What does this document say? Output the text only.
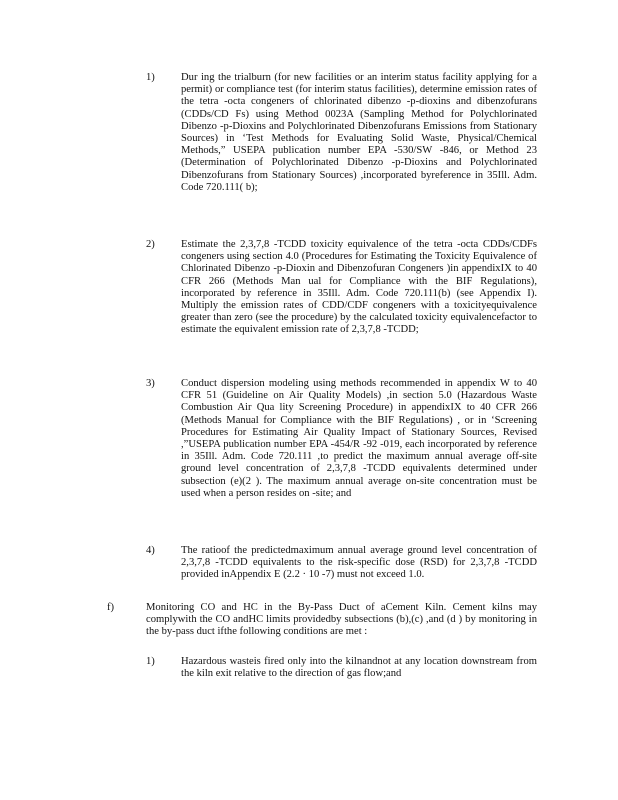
1) Dur ing the trialburn (for new facilities or an interim status facility applying for a permit) or compliance test (for interim status facilities), determine emission rates of the tetra -octa congeners of chlorinated dibenzo -p-dioxins and dibenzofurans (CDDs/CD Fs) using Method 0023A (Sampling Method for Polychlorinated Dibenzo -p-Dioxins and Polychlorinated Dibenzofurans Emissions from Stationary Sources) in ‘Test Methods for Evaluating Solid Waste, Physical/Chemical Methods,” USEPA publication number EPA -530/SW -846, or Method 23 (Determination of Polychlorinated Dibenzo -p-Dioxins and Polychlorinated Dibenzofurans from Stationary Sources) ,incorporated byreference in 35Ill. Adm. Code 720.111( b);
2) Estimate the 2,3,7,8 -TCDD toxicity equivalence of the tetra -octa CDDs/CDFs congeners using section 4.0 (Procedures for Estimating the Toxicity Equivalence of Chlorinated Dibenzo -p-Dioxin and Dibenzofuran Congeners )in appendixIX to 40 CFR 266 (Methods Man ual for Compliance with the BIF Regulations), incorporated by reference in 35Ill. Adm. Code 720.111(b) (see Appendix I). Multiply the emission rates of CDD/CDF congeners with a toxicityequivalence greater than zero (see the procedure) by the calculated toxicity equivalencefactor to estimate the equivalent emission rate of 2,3,7,8 -TCDD;
3) Conduct dispersion modeling using methods recommended in appendix W to 40 CFR 51 (Guideline on Air Quality Models) ,in section 5.0 (Hazardous Waste Combustion Air Qua lity Screening Procedure) in appendixIX to 40 CFR 266 (Methods Manual for Compliance with the BIF Regulations) , or in ‘Screening Procedures for Estimating Air Quality Impact of Stationary Sources, Revised ,”USEPA publication number EPA -454/R -92 -019, each incorporated by reference in 35Ill. Adm. Code 720.111 ,to predict the maximum annual average off-site ground level concentration of 2,3,7,8 -TCDD equivalents determined under subsection (e)(2 ). The maximum annual average on-site concentration must be used when a person resides on -site; and
4) The ratioof the predictedmaximum annual average ground level concentration of 2,3,7,8 -TCDD equivalents to the risk-specific dose (RSD) for 2,3,7,8 -TCDD provided inAppendix E (2.2 · 10 -7) must not exceed 1.0.
f)	Monitoring CO and HC in the By-Pass Duct of aCement Kiln. Cement kilns may complywith the CO andHC limits providedby subsections (b),(c) ,and (d ) by monitoring in the by-pass duct ifthe following conditions are met :
1) Hazardous wasteis fired only into the kilnandnot at any location downstream from the kiln exit relative to the direction of gas flow;and
